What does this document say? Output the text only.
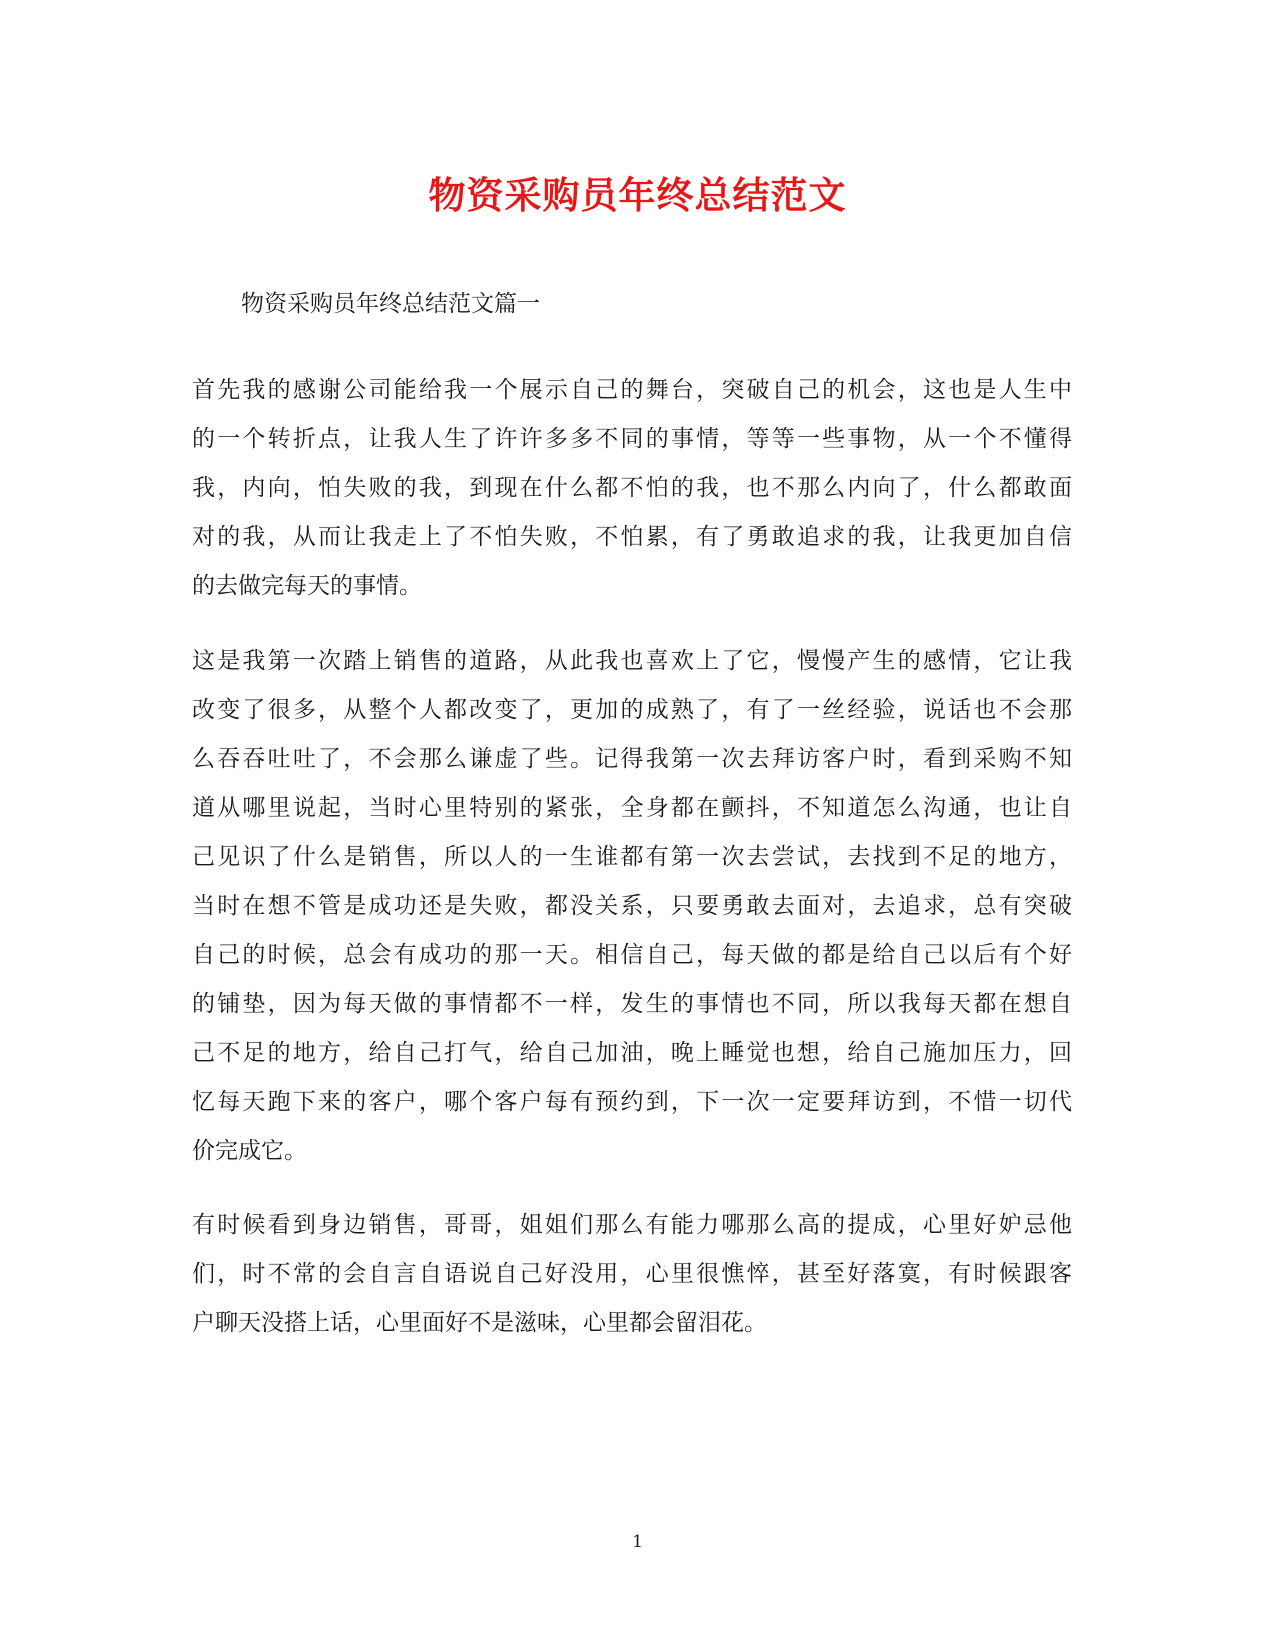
物资采购员年终总结范文
物资采购员年终总结范文篇一
首先我的感谢公司能给我一个展示自己的舞台，突破自己的机会，这也是人生中
的一个转折点，让我人生了许许多多不同的事情，等等一些事物，从一个不懂得
我，内向，怕失败的我，到现在什么都不怕的我，也不那么内向了，什么都敢面
对的我，从而让我走上了不怕失败，不怕累，有了勇敢追求的我，让我更加自信
的去做完每天的事情。
这是我第一次踏上销售的道路，从此我也喜欢上了它，慢慢产生的感情，它让我
改变了很多，从整个人都改变了，更加的成熟了，有了一丝经验，说话也不会那
么吞吞吐吐了，不会那么谦虚了些。记得我第一次去拜访客户时，看到采购不知
道从哪里说起，当时心里特别的紧张，全身都在颤抖，不知道怎么沟通，也让自
己见识了什么是销售，所以人的一生谁都有第一次去尝试，去找到不足的地方，
当时在想不管是成功还是失败，都没关系，只要勇敢去面对，去追求，总有突破
自己的时候，总会有成功的那一天。相信自己，每天做的都是给自己以后有个好
的铺垫，因为每天做的事情都不一样，发生的事情也不同，所以我每天都在想自
己不足的地方，给自己打气，给自己加油，晚上睡觉也想，给自己施加压力，回
忆每天跑下来的客户，哪个客户每有预约到，下一次一定要拜访到，不惜一切代
价完成它。
有时候看到身边销售，哥哥，姐姐们那么有能力哪那么高的提成，心里好妒忌他
们，时不常的会自言自语说自己好没用，心里很憔悴，甚至好落寞，有时候跟客
户聊天没搭上话，心里面好不是滋味，心里都会留泪花。
1
